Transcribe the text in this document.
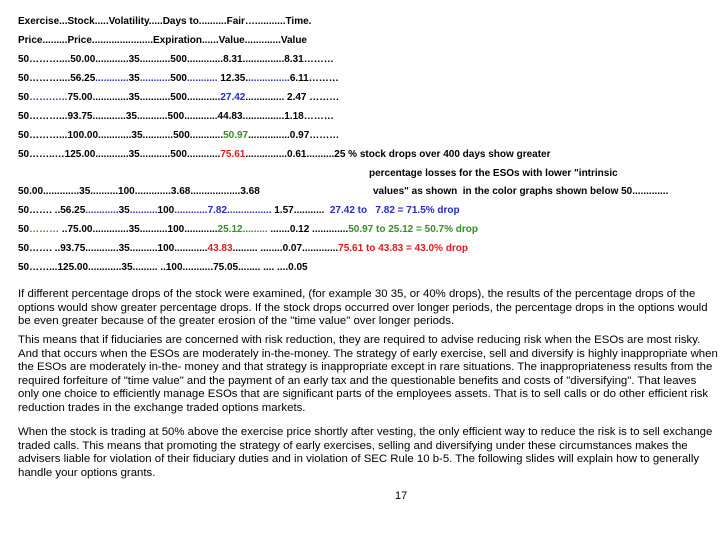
Exercise...Stock.....Volatility.....Days to..........Fair…...........Time.
Price.........Price......................Expiration......Value.............Value
50………....50.00............35...........500.............8.31...............8.31………
50………....56.25............35...........500........... 12.35................6.11………
50…….…..75.00.............35...........500............27.42.............. 2.47 ………
50………...93.75............35...........500............44.83...............1.18………
50………...100.00............35...........500............50.97...............0.97………
50……..…125.00............35...........500............75.61...............0.61..........25 % stock drops over 400 days show greater
percentage losses for the ESOs with lower "intrinsic
values" as shown  in the color graphs shown below 50.............
50.00.............35..........100.............3.68..................3.68
50……. ..56.25............35..........100............7.82................ 1.57...........  27.42 to   7.82 = 71.5% drop
50……… ..75.00.............35..........100............25.12......... .......0.12 .............50.97 to 25.12 = 50.7% drop
50……. ..93.75............35..........100............43.83......... ........0.07.............75.61 to 43.83 = 43.0% drop
50……...125.00............35......... ..100...........75.05........ .... ....0.05

If different percentage drops of the stock were examined, (for example 30 35, or 40% drops), the results of the percentage drops of the options would show greater percentage drops. If the stock drops occurred over longer periods, the percentage drops in the options would be even greater because of the greater erosion of the "time value" over longer periods.

This means that if fiduciaries are concerned with risk reduction, they are required to advise reducing risk when the ESOs are most risky. And that occurs when the ESOs are moderately in-the-money. The strategy of early exercise, sell and diversify is highly inappropriate when the ESOs are moderately in-the- money and that strategy is inappropriate except in rare situations. The inappropriateness results from the required forfeiture of "time value" and the payment of an early tax and the questionable benefits and costs of "diversifying". That leaves only one choice to efficiently manage ESOs that are significant parts of the employees assets. That is to sell calls or do other efficient risk reduction trades in the exchange traded options markets.

When the stock is trading at 50% above the exercise price shortly after vesting, the only efficient way to reduce the risk is to sell exchange traded calls. This means that promoting the strategy of early exercises, selling and diversifying under these circumstances makes the advisers liable for violation of their fiduciary duties and in violation of SEC Rule 10 b-5. The following slides will explain how to generally handle your options grants.

17
